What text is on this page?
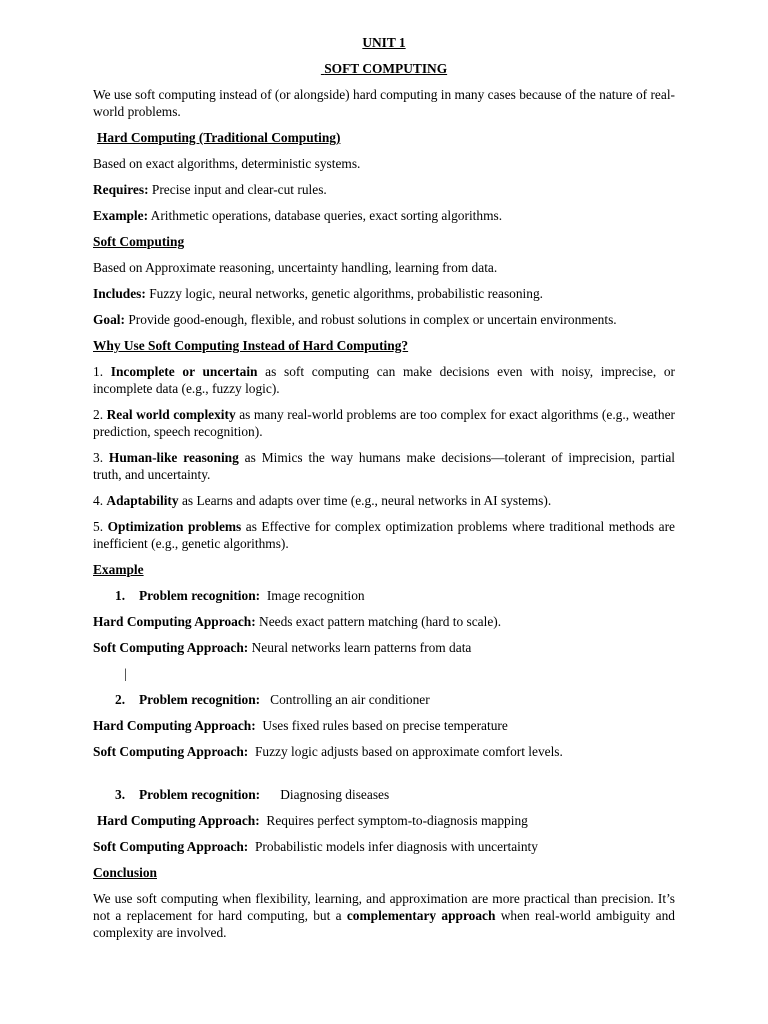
UNIT 1

SOFT COMPUTING

We use soft computing instead of (or alongside) hard computing in many cases because of the nature of real-world problems.

Hard Computing (Traditional Computing)

Based on exact algorithms, deterministic systems.

Requires: Precise input and clear-cut rules.

Example: Arithmetic operations, database queries, exact sorting algorithms.

Soft Computing

Based on Approximate reasoning, uncertainty handling, learning from data.

Includes: Fuzzy logic, neural networks, genetic algorithms, probabilistic reasoning.

Goal: Provide good-enough, flexible, and robust solutions in complex or uncertain environments.

Why Use Soft Computing Instead of Hard Computing?

1. Incomplete or uncertain as soft computing can make decisions even with noisy, imprecise, or incomplete data (e.g., fuzzy logic).

2. Real world complexity as many real-world problems are too complex for exact algorithms (e.g., weather prediction, speech recognition).

3. Human-like reasoning as Mimics the way humans make decisions—tolerant of imprecision, partial truth, and uncertainty.

4. Adaptability as Learns and adapts over time (e.g., neural networks in AI systems).

5. Optimization problems as Effective for complex optimization problems where traditional methods are inefficient (e.g., genetic algorithms).

Example

1. Problem recognition:  Image recognition

Hard Computing Approach: Needs exact pattern matching (hard to scale).

Soft Computing Approach: Neural networks learn patterns from data

|

2. Problem recognition:   Controlling an air conditioner

Hard Computing Approach:  Uses fixed rules based on precise temperature

Soft Computing Approach:  Fuzzy logic adjusts based on approximate comfort levels.

3. Problem recognition:      Diagnosing diseases

Hard Computing Approach:  Requires perfect symptom-to-diagnosis mapping

Soft Computing Approach:  Probabilistic models infer diagnosis with uncertainty

Conclusion

We use soft computing when flexibility, learning, and approximation are more practical than precision. It’s not a replacement for hard computing, but a complementary approach when real-world ambiguity and complexity are involved.
